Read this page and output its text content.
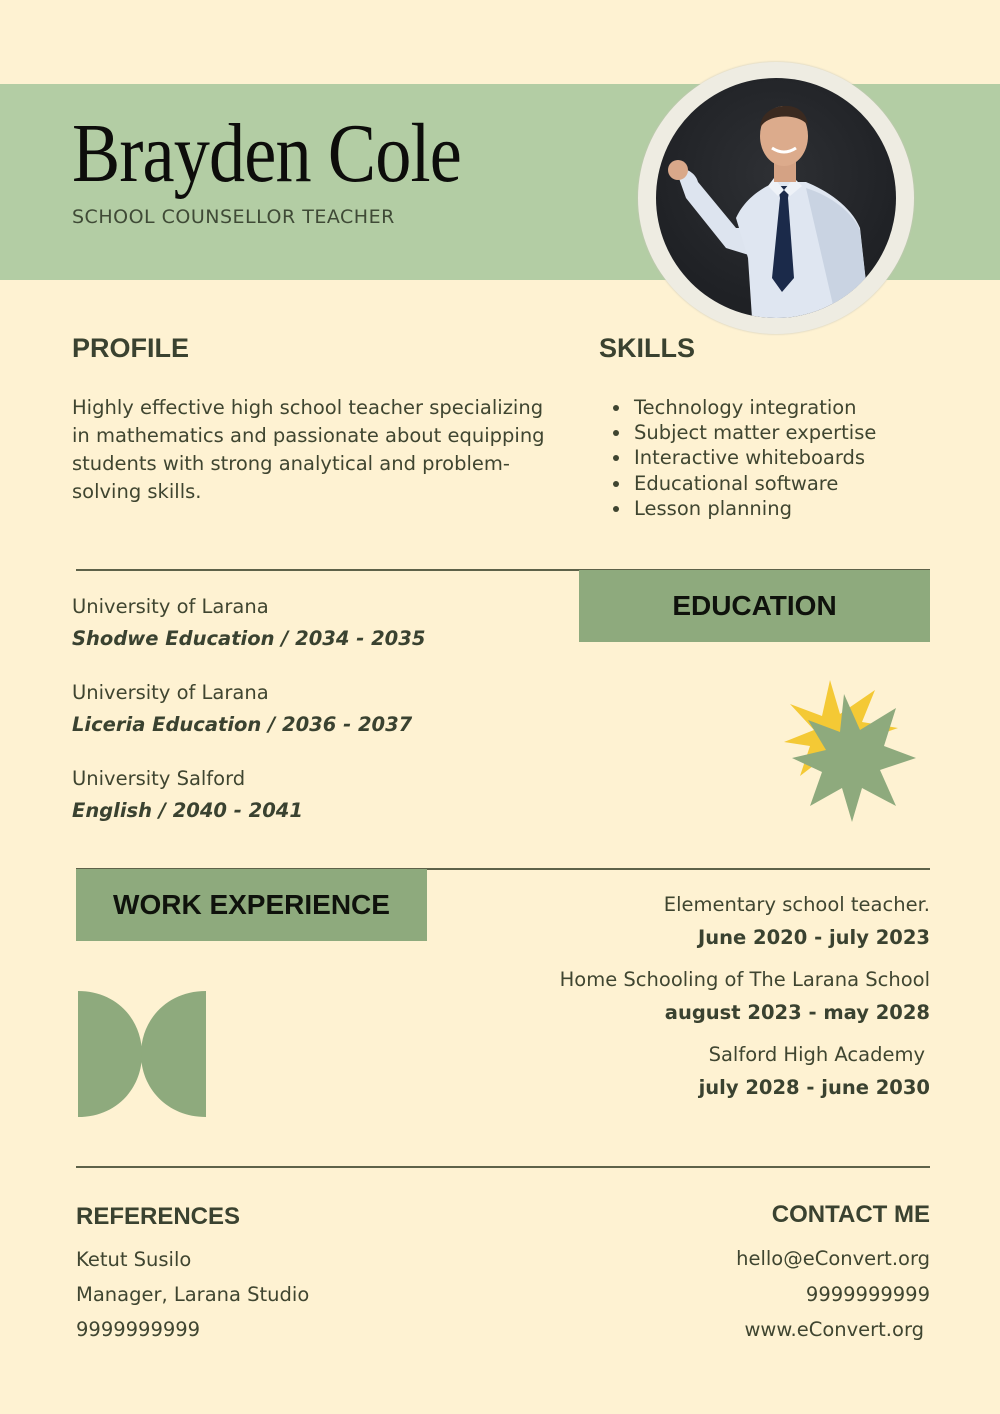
Brayden Cole
SCHOOL COUNSELLOR TEACHER
PROFILE
Highly effective high school teacher specializing in mathematics and passionate about equipping students with strong analytical and problem-solving skills.
SKILLS
• Technology integration
• Subject matter expertise
• Interactive whiteboards
• Educational software
• Lesson planning
EDUCATION
University of Larana
Shodwe Education / 2034 - 2035
University of Larana
Liceria Education / 2036 - 2037
University Salford
English / 2040 - 2041
WORK EXPERIENCE	Elementary school teacher.
June 2020 - july 2023
Home Schooling of The Larana School
august 2023 - may 2028
Salford High Academy
july 2028 - june 2030
REFERENCES
Ketut Susilo
Manager, Larana Studio
9999999999
CONTACT ME
hello@eConvert.org
9999999999
www.eConvert.org
